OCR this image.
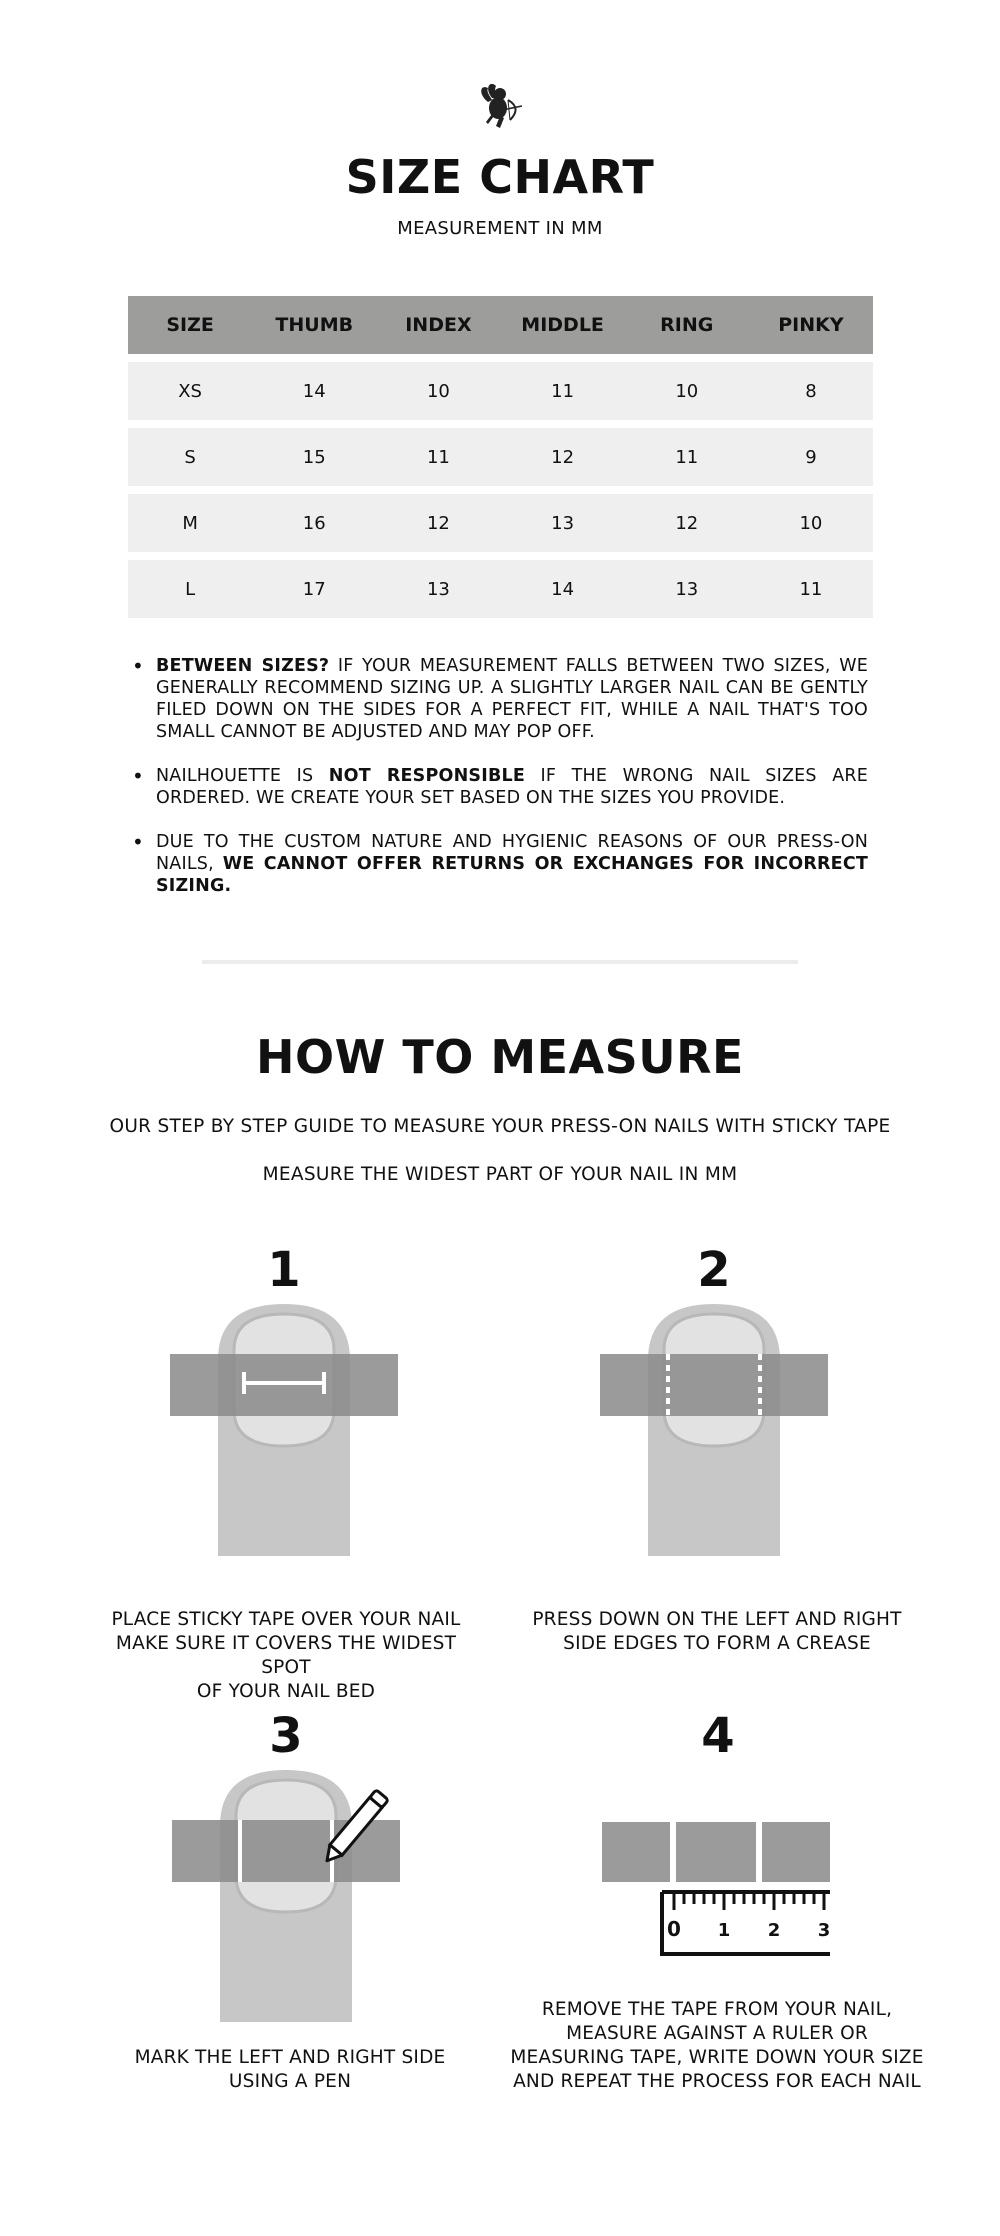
SIZE CHART
MEASUREMENT IN MM
SIZE	THUMB	INDEX	MIDDLE	RING	PINKY
XS	14	10	11	10	8
S	15	11	12	11	9
M	16	12	13	12	10
L	17	13	14	13	11

• BETWEEN SIZES? IF YOUR MEASUREMENT FALLS BETWEEN TWO SIZES, WE GENERALLY RECOMMEND SIZING UP. A SLIGHTLY LARGER NAIL CAN BE GENTLY FILED DOWN ON THE SIDES FOR A PERFECT FIT, WHILE A NAIL THAT'S TOO SMALL CANNOT BE ADJUSTED AND MAY POP OFF.

• NAILHOUETTE IS NOT RESPONSIBLE IF THE WRONG NAIL SIZES ARE ORDERED. WE CREATE YOUR SET BASED ON THE SIZES YOU PROVIDE.

• DUE TO THE CUSTOM NATURE AND HYGIENIC REASONS OF OUR PRESS-ON NAILS, WE CANNOT OFFER RETURNS OR EXCHANGES FOR INCORRECT SIZING.

HOW TO MEASURE
OUR STEP BY STEP GUIDE TO MEASURE YOUR PRESS-ON NAILS WITH STICKY TAPE
MEASURE THE WIDEST PART OF YOUR NAIL IN MM
1
PLACE STICKY TAPE OVER YOUR NAIL
MAKE SURE IT COVERS THE WIDEST SPOT
OF YOUR NAIL BED
2
PRESS DOWN ON THE LEFT AND RIGHT
SIDE EDGES TO FORM A CREASE
3
MARK THE LEFT AND RIGHT SIDE
USING A PEN
4
0 1 2 3
REMOVE THE TAPE FROM YOUR NAIL,
MEASURE AGAINST A RULER OR
MEASURING TAPE, WRITE DOWN YOUR SIZE
AND REPEAT THE PROCESS FOR EACH NAIL
